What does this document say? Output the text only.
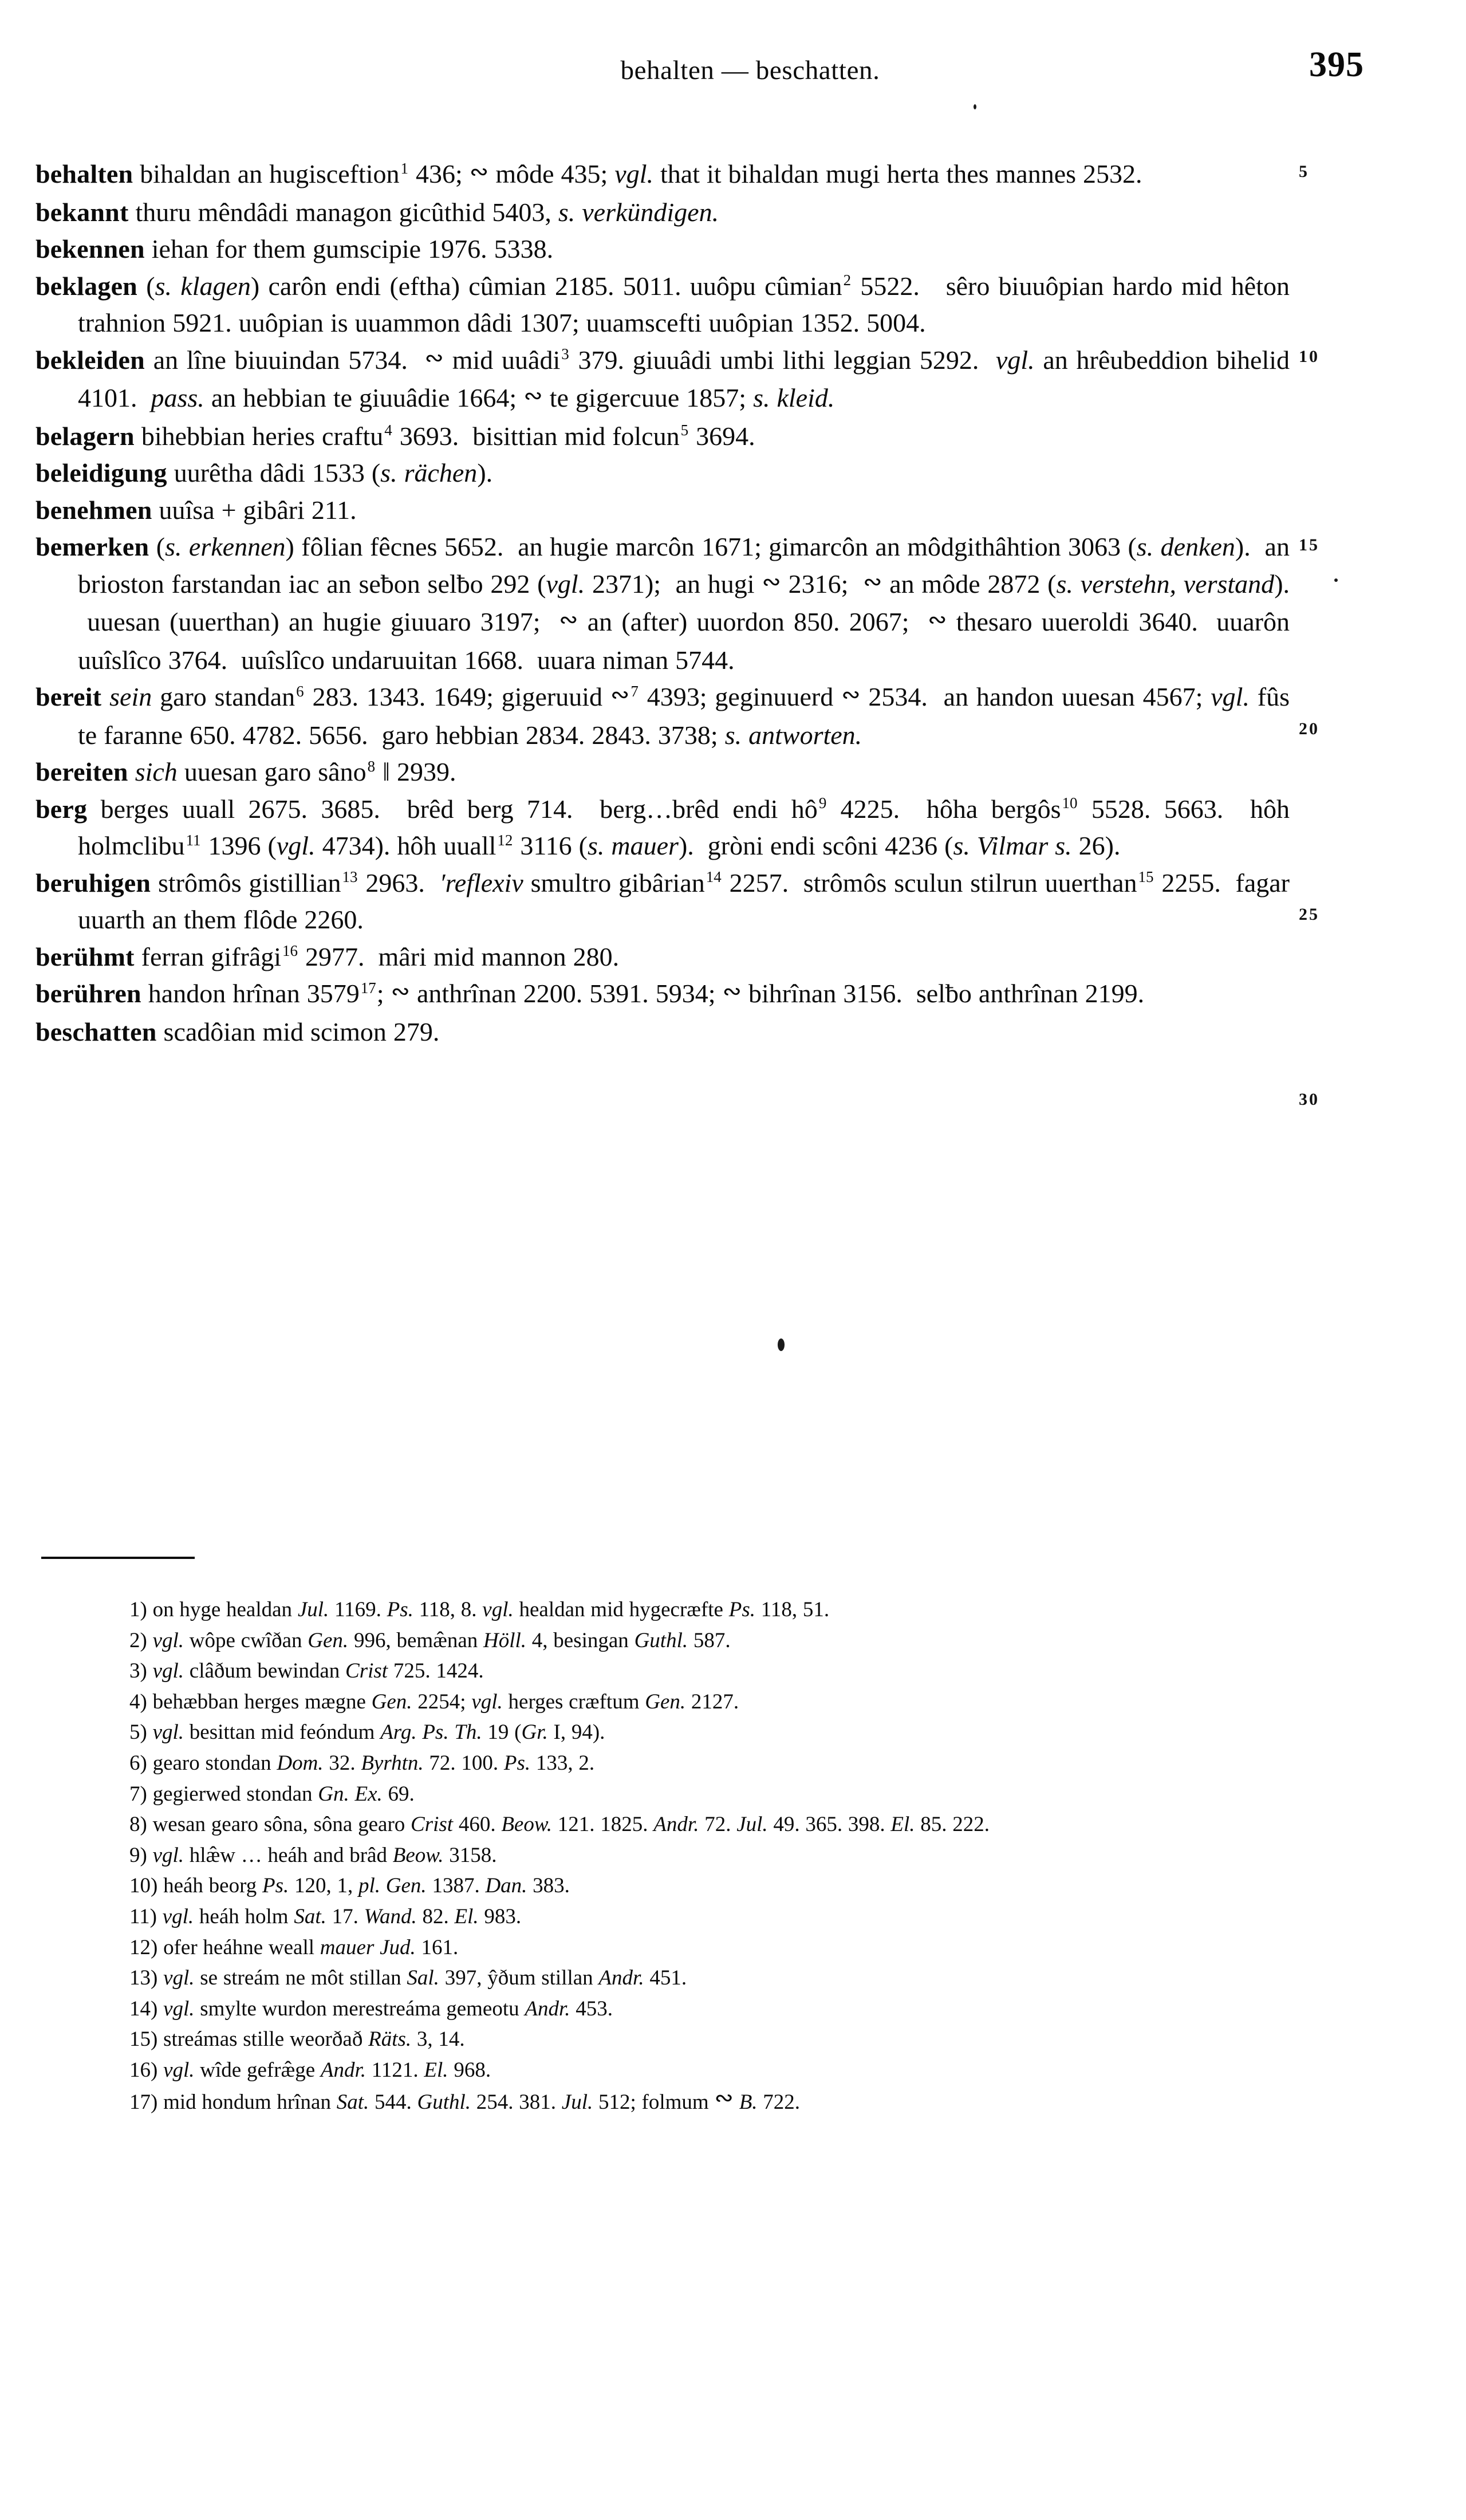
behalten — beschatten.	395

behalten bihaldan an hugisceftion$^1$ 436; ∾ môde 435; vgl. that it bihaldan mugi herta thes mannes 2532.

bekannt thuru mêndâdi managon gicûthid 5403, s. verkündigen.

bekennen iehan for them gumscipie 1976. 5338.

beklagen (s. klagen) carôn endi (eftha) cûmian 2185. 5011. uuôpu cûmian$^2$ 5522.   sêro biuuôpian hardo mid hêton trahnion 5921. uuôpian is uuammon dâdi 1307; uuamscefti uuôpian 1352. 5004.

bekleiden an lîne biuuindan 5734.  ∾ mid uuâdi$^3$ 379. giuuâdi umbi lithi leggian 5292.  vgl. an hrêubeddion bihelid 4101.  pass. an hebbian te giuuâdie 1664; ∾ te gigercuue 1857; s. kleid.

belagern bihebbian heries craftu$^4$ 3693.  bisittian mid folcun$^5$ 3694.

beleidigung uurêtha dâdi 1533 (s. rächen).

benehmen uuîsa + gibâri 211.

bemerken (s. erkennen) fôlian fêcnes 5652.  an hugie marcôn 1671; gimarcôn an môdgithâhtion 3063 (s. denken).  an brioston farstandan iac an seƀon selƀo 292 (vgl. 2371);  an hugi ∾ 2316;  ∾ an môde 2872 (s. verstehn, verstand).  uuesan (uuerthan) an hugie giuuaro 3197;  ∾ an (after) uuordon 850. 2067;  ∾ thesaro uueroldi 3640.  uuarôn uuîslîco 3764.  uuîslîco undaruuitan 1668.  uuara niman 5744.

bereit sein garo standan$^6$ 283. 1343. 1649; gigeruuid ∾$^7$ 4393; geginuuerd ∾ 2534.  an handon uuesan 4567; vgl. fûs te faranne 650. 4782. 5656.  garo hebbian 2834. 2843. 3738; s. antworten.

bereiten sich uuesan garo sâno$^8$ ‖ 2939.

berg berges uuall 2675. 3685.  brêd berg 714.  berg…brêd endi hô$^9$ 4225.  hôha bergôs$^{10}$ 5528. 5663.  hôh holmclibu$^{11}$ 1396 (vgl. 4734). hôh uuall$^{12}$ 3116 (s. mauer).  gròni endi scôni 4236 (s. Vilmar s. 26).

beruhigen strômôs gistillian$^{13}$ 2963.  ′reflexiv smultro gibârian$^{14}$ 2257.  strômôs sculun stilrun uuerthan$^{15}$ 2255.  fagar uuarth an them flôde 2260.

berühmt ferran gifrâgi$^{16}$ 2977.  mâri mid mannon 280.

berühren handon hrînan 3579$^{17}$; ∾ anthrînan 2200. 5391. 5934; ∾ bihrînan 3156.  selƀo anthrînan 2199.

beschatten scadôian mid scimon 279.

5
10
15
20
25
30

1) on hyge healdan Jul. 1169. Ps. 118, 8. vgl. healdan mid hygecræfte Ps. 118, 51.

2) vgl. wôpe cwîðan Gen. 996, bemæ̂nan Höll. 4, besingan Guthl. 587.

3) vgl. clâðum bewindan Crist 725. 1424.

4) behæbban herges mægne Gen. 2254; vgl. herges cræftum Gen. 2127.

5) vgl. besittan mid feóndum Arg. Ps. Th. 19 (Gr. I, 94).

6) gearo stondan Dom. 32. Byrhtn. 72. 100. Ps. 133, 2.

7) gegierwed stondan Gn. Ex. 69.

8) wesan gearo sôna, sôna gearo Crist 460. Beow. 121. 1825. Andr. 72. Jul. 49. 365. 398. El. 85. 222.

9) vgl. hlæ̂w … heáh and brâd Beow. 3158.

10) heáh beorg Ps. 120, 1, pl. Gen. 1387. Dan. 383.

11) vgl. heáh holm Sat. 17. Wand. 82. El. 983.

12) ofer heáhne weall mauer Jud. 161.

13) vgl. se streám ne môt stillan Sal. 397, ŷðum stillan Andr. 451.

14) vgl. smylte wurdon merestreáma gemeotu Andr. 453.

15) streámas stille weorðað Räts. 3, 14.

16) vgl. wîde gefræ̂ge Andr. 1121. El. 968.

17) mid hondum hrînan Sat. 544. Guthl. 254. 381. Jul. 512; folmum ∾ B. 722.
